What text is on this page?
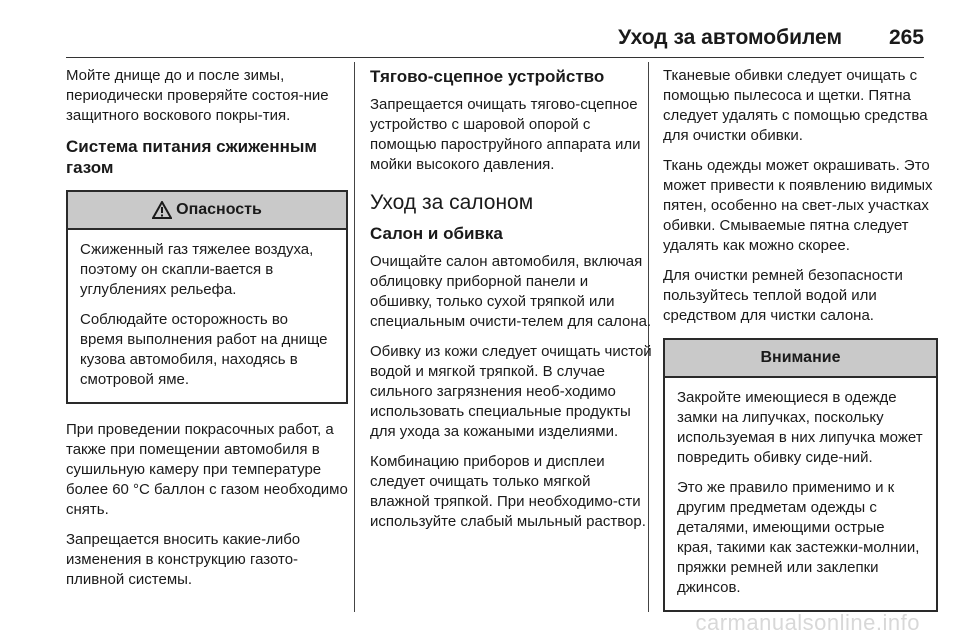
Уход за автомобилем 265

Мойте днище до и после зимы, периодически проверяйте состоя-ние защитного воскового покры-тия.

Система питания сжиженным газом
Опасность

Сжиженный газ тяжелее воздуха, поэтому он скапли-вается в углублениях рельефа.

Соблюдайте осторожность во время выполнения работ на днище кузова автомобиля, находясь в смотровой яме.

При проведении покрасочных работ, а также при помещении автомобиля в сушильную камеру при температуре более 60 °С баллон с газом необходимо снять.

Запрещается вносить какие-либо изменения в конструкцию газото-пливной системы.

Тягово-сцепное устройство

Запрещается очищать тягово-сцепное устройство с шаровой опорой с помощью пароструйного аппарата или мойки высокого давления.

Уход за салоном
Салон и обивка

Очищайте салон автомобиля, включая облицовку приборной панели и обшивку, только сухой тряпкой или специальным очисти-телем для салона.

Обивку из кожи следует очищать чистой водой и мягкой тряпкой. В случае сильного загрязнения необ-ходимо использовать специальные продукты для ухода за кожаными изделиями.

Комбинацию приборов и дисплеи следует очищать только мягкой влажной тряпкой. При необходимо-сти используйте слабый мыльный раствор.

Тканевые обивки следует очищать с помощью пылесоса и щетки. Пятна следует удалять с помощью средства для очистки обивки.

Ткань одежды может окрашивать. Это может привести к появлению видимых пятен, особенно на свет-лых участках обивки. Смываемые пятна следует удалять как можно скорее.

Для очистки ремней безопасности пользуйтесь теплой водой или средством для чистки салона.

Внимание

Закройте имеющиеся в одежде замки на липучках, поскольку используемая в них липучка может повредить обивку сиде-ний.

Это же правило применимо и к другим предметам одежды с деталями, имеющими острые края, такими как застежки-молнии, пряжки ремней или заклепки джинсов.

carmanualsonline.info
